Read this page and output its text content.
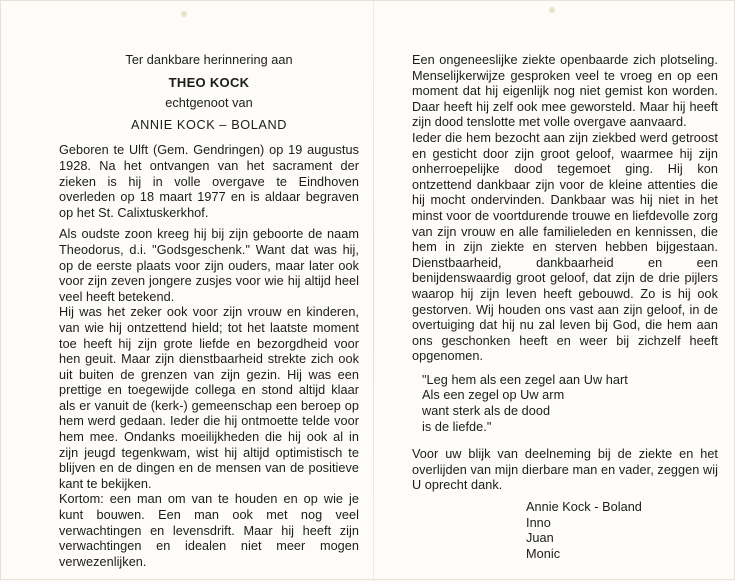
Ter dankbare herinnering aan
THEO KOCK
echtgenoot van
ANNIE KOCK – BOLAND

Geboren te Ulft (Gem. Gendringen) op 19 augustus 1928. Na het ontvangen van het sacrament der zieken is hij in volle overgave te Eindhoven overleden op 18 maart 1977 en is aldaar begraven op het St. Calixtuskerkhof.

Als oudste zoon kreeg hij bij zijn geboorte de naam Theodorus, d.i. "Godsgeschenk." Want dat was hij, op de eerste plaats voor zijn ouders, maar later ook voor zijn zeven jongere zusjes voor wie hij altijd heel veel heeft betekend.

Hij was het zeker ook voor zijn vrouw en kinderen, van wie hij ontzettend hield; tot het laatste moment toe heeft hij zijn grote liefde en bezorgdheid voor hen geuit. Maar zijn dienstbaarheid strekte zich ook uit buiten de grenzen van zijn gezin. Hij was een prettige en toegewijde collega en stond altijd klaar als er vanuit de (kerk-) gemeenschap een beroep op hem werd gedaan. Ieder die hij ontmoette telde voor hem mee. Ondanks moeilijkheden die hij ook al in zijn jeugd tegenkwam, wist hij altijd optimistisch te blijven en de dingen en de mensen van de positieve kant te bekijken.

Kortom: een man om van te houden en op wie je kunt bouwen. Een man ook met nog veel verwachtingen en levensdrift. Maar hij heeft zijn verwachtingen en idealen niet meer mogen verwezenlijken.

Een ongeneeslijke ziekte openbaarde zich plotseling. Menselijkerwijze gesproken veel te vroeg en op een moment dat hij eigenlijk nog niet gemist kon worden. Daar heeft hij zelf ook mee geworsteld. Maar hij heeft zijn dood tenslotte met volle overgave aanvaard.

Ieder die hem bezocht aan zijn ziekbed werd getroost en gesticht door zijn groot geloof, waarmee hij zijn onherroepelijke dood tegemoet ging. Hij kon ontzettend dankbaar zijn voor de kleine attenties die hij mocht ondervinden. Dankbaar was hij niet in het minst voor de voortdurende trouwe en liefdevolle zorg van zijn vrouw en alle familieleden en kennissen, die hem in zijn ziekte en sterven hebben bijgestaan. Dienstbaarheid, dankbaarheid en een benijdenswaardig groot geloof, dat zijn de drie pijlers waarop hij zijn leven heeft gebouwd. Zo is hij ook gestorven. Wij houden ons vast aan zijn geloof, in de overtuiging dat hij nu zal leven bij God, die hem aan ons geschonken heeft en weer bij zichzelf heeft opgenomen.

"Leg hem als een zegel aan Uw hart
Als een zegel op Uw arm
want sterk als de dood
is de liefde."

Voor uw blijk van deelneming bij de ziekte en het overlijden van mijn dierbare man en vader, zeggen wij U oprecht dank.

Annie Kock - Boland
Inno
Juan
Monic
